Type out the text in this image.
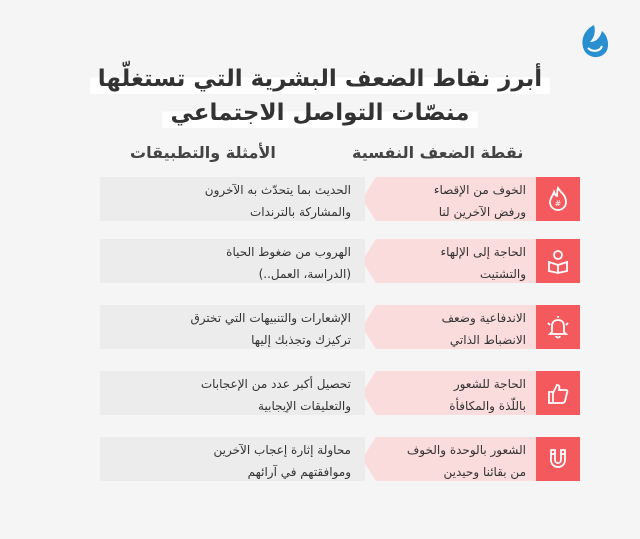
أبرز نقاط الضعف البشرية التي تستغلّها
منصّات التواصل الاجتماعي
نقطة الضعف النفسية
الأمثلة والتطبيقات
#
الخوف من الإقصاء
ورفض الآخرين لنا
الحديث بما يتحدّث به الآخرون
والمشاركة بالترندات
الحاجة إلى الإلهاء
والتشتيت
الهروب من ضغوط الحياة
(الدراسة، العمل..)
الاندفاعية وضعف
الانضباط الذاتي
الإشعارات والتنبيهات التي تخترق
تركيزك وتجذبك إليها
الحاجة للشعور
باللّذة والمكافأة
تحصيل أكبر عدد من الإعجابات
والتعليقات الإيجابية
الشعور بالوحدة والخوف
من بقائنا وحيدين
محاولة إثارة إعجاب الآخرين
وموافقتهم في آرائهم
